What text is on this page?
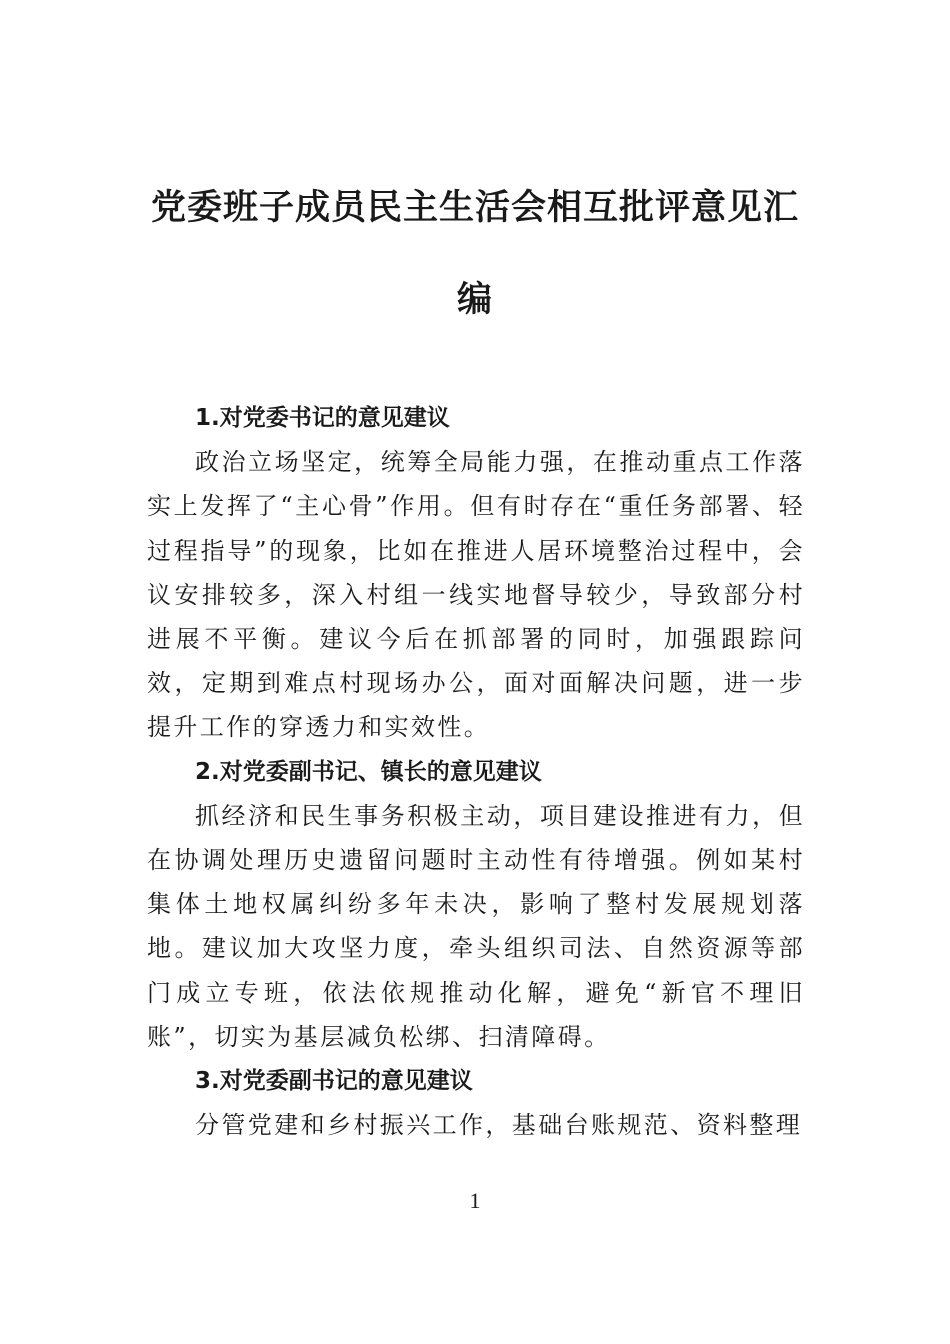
党委班子成员民主生活会相互批评意见汇
编

1.对党委书记的意见建议

政治立场坚定，统筹全局能力强，在推动重点工作落实上发挥了“主心骨”作用。但有时存在“重任务部署、轻过程指导”的现象，比如在推进人居环境整治过程中，会议安排较多，深入村组一线实地督导较少，导致部分村进展不平衡。建议今后在抓部署的同时，加强跟踪问效，定期到难点村现场办公，面对面解决问题，进一步提升工作的穿透力和实效性。

2.对党委副书记、镇长的意见建议

抓经济和民生事务积极主动，项目建设推进有力，但在协调处理历史遗留问题时主动性有待增强。例如某村集体土地权属纠纷多年未决，影响了整村发展规划落地。建议加大攻坚力度，牵头组织司法、自然资源等部门成立专班，依法依规推动化解，避免“新官不理旧账”，切实为基层减负松绑、扫清障碍。

3.对党委副书记的意见建议

分管党建和乡村振兴工作，基础台账规范、资料整理

1
